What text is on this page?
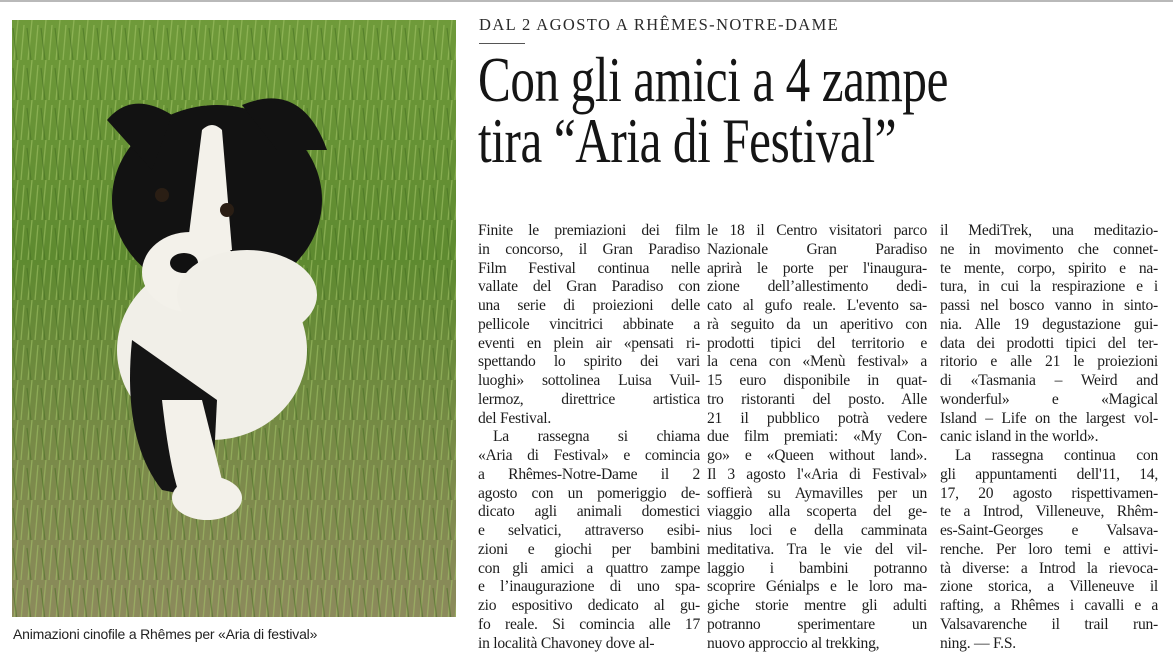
Animazioni cinofile a Rhêmes per «Aria di festival»
DAL 2 AGOSTO A RHÊMES-NOTRE-DAME
Con gli amici a 4 zampe
tira “Aria di Festival”
Finite le premiazioni dei film
in concorso, il Gran Paradiso
Film Festival continua nelle
vallate del Gran Paradiso con
una serie di proiezioni delle
pellicole vincitrici abbinate a
eventi en plein air «pensati ri-
spettando lo spirito dei vari
luoghi» sottolinea Luisa Vuil-
lermoz, direttrice artistica
del Festival.
La rassegna si chiama
«Aria di Festival» e comincia
a Rhêmes-Notre-Dame il 2
agosto con un pomeriggio de-
dicato agli animali domestici
e selvatici, attraverso esibi-
zioni e giochi per bambini
con gli amici a quattro zampe
e l’inaugurazione di uno spa-
zio espositivo dedicato al gu-
fo reale. Si comincia alle 17
in località Chavoney dove al-
le 18 il Centro visitatori parco
Nazionale Gran Paradiso
aprirà le porte per l'inaugura-
zione dell’allestimento dedi-
cato al gufo reale. L'evento sa-
rà seguito da un aperitivo con
prodotti tipici del territorio e
la cena con «Menù festival» a
15 euro disponibile in quat-
tro ristoranti del posto. Alle
21 il pubblico potrà vedere
due film premiati: «My Con-
go» e «Queen without land».
Il 3 agosto l'«Aria di Festival»
soffierà su Aymavilles per un
viaggio alla scoperta del ge-
nius loci e della camminata
meditativa. Tra le vie del vil-
laggio i bambini potranno
scoprire Génialps e le loro ma-
giche storie mentre gli adulti
potranno sperimentare un
nuovo approccio al trekking,
il MediTrek, una meditazio-
ne in movimento che connet-
te mente, corpo, spirito e na-
tura, in cui la respirazione e i
passi nel bosco vanno in sinto-
nia. Alle 19 degustazione gui-
data dei prodotti tipici del ter-
ritorio e alle 21 le proiezioni
di «Tasmania – Weird and
wonderful» e «Magical
Island – Life on the largest vol-
canic island in the world».
La rassegna continua con
gli appuntamenti dell'11, 14,
17, 20 agosto rispettivamen-
te a Introd, Villeneuve, Rhêm-
es-Saint-Georges e Valsava-
renche. Per loro temi e attivi-
tà diverse: a Introd la rievoca-
zione storica, a Villeneuve il
rafting, a Rhêmes i cavalli e a
Valsavarenche il trail run-
ning. — F.S.
